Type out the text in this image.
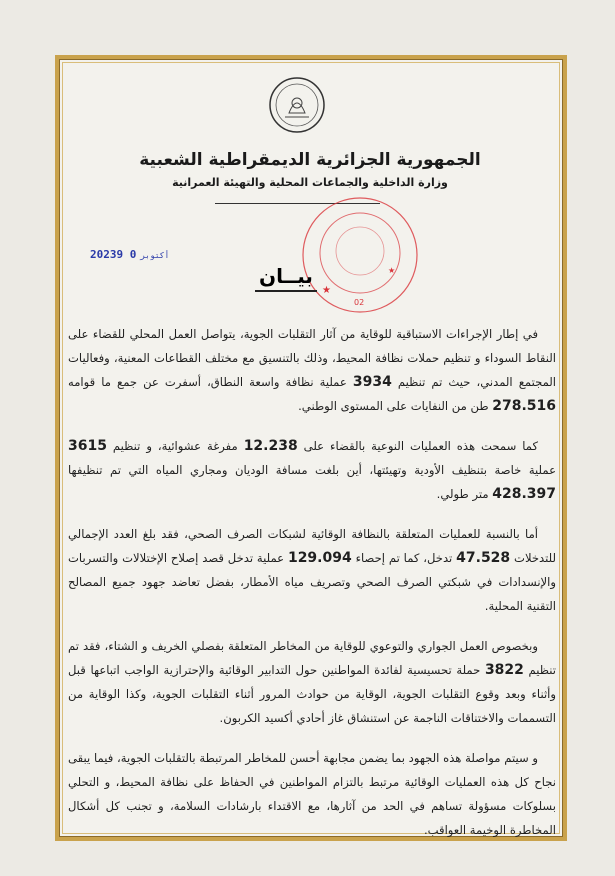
الجمهورية الجزائرية الديمقراطية الشعبية
وزارة الداخلية والجماعات المحلية والتهيئة العمرانية
★
★
02
2023	أكتوبر0 9
بيــان

في إطار الإجراءات الاستباقية للوقاية من آثار التقلبات الجوية، يتواصل العمل المحلي للقضاء على النقاط السوداء و تنظيم حملات نظافة المحيط، وذلك بالتنسيق مع مختلف القطاعات المعنية، وفعاليات المجتمع المدني، حيث تم تنظيم 3934 عملية نظافة واسعة النطاق، أسفرت عن جمع ما قوامه 278.516 طن من النفايات على المستوى الوطني.

كما سمحت هذه العمليات النوعية بالقضاء على 12.238 مفرغة عشوائية، و تنظيم 3615 عملية خاصة بتنظيف الأودية وتهيئتها، أين بلغت مسافة الوديان ومجاري المياه التي تم تنظيفها 428.397 متر طولي.

أما بالنسبة للعمليات المتعلقة بالنظافة الوقائية لشبكات الصرف الصحي، فقد بلغ العدد الإجمالي للتدخلات 47.528 تدخل، كما تم إحصاء 129.094 عملية تدخل قصد إصلاح الإختلالات والتسربات والإنسدادات في شبكتي الصرف الصحي وتصريف مياه الأمطار، بفضل تعاضد جهود جميع المصالح التقنية المحلية.

وبخصوص العمل الجواري والتوعوي للوقاية من المخاطر المتعلقة بفصلي الخريف و الشتاء، فقد تم تنظيم 3822 حملة تحسيسية لفائدة المواطنين حول التدابير الوقائية والإحترازية الواجب اتباعها قبل وأثناء وبعد وقوع التقلبات الجوية، الوقاية من حوادث المرور أثناء التقلبات الجوية، وكذا الوقاية من التسممات والاختناقات الناجمة عن استنشاق غاز أحادي أكسيد الكربون.

و سيتم مواصلة هذه الجهود بما يضمن مجابهة أحسن للمخاطر المرتبطة بالتقلبات الجوية، فيما يبقى نجاح كل هذه العمليات الوقائية مرتبط بالتزام المواطنين في الحفاظ على نظافة المحيط، و التحلي بسلوكات مسؤولة تساهم في الحد من آثارها، مع الاقتداء بارشادات السلامة، و تجنب كل أشكال المخاطرة الوخيمة العواقب.
